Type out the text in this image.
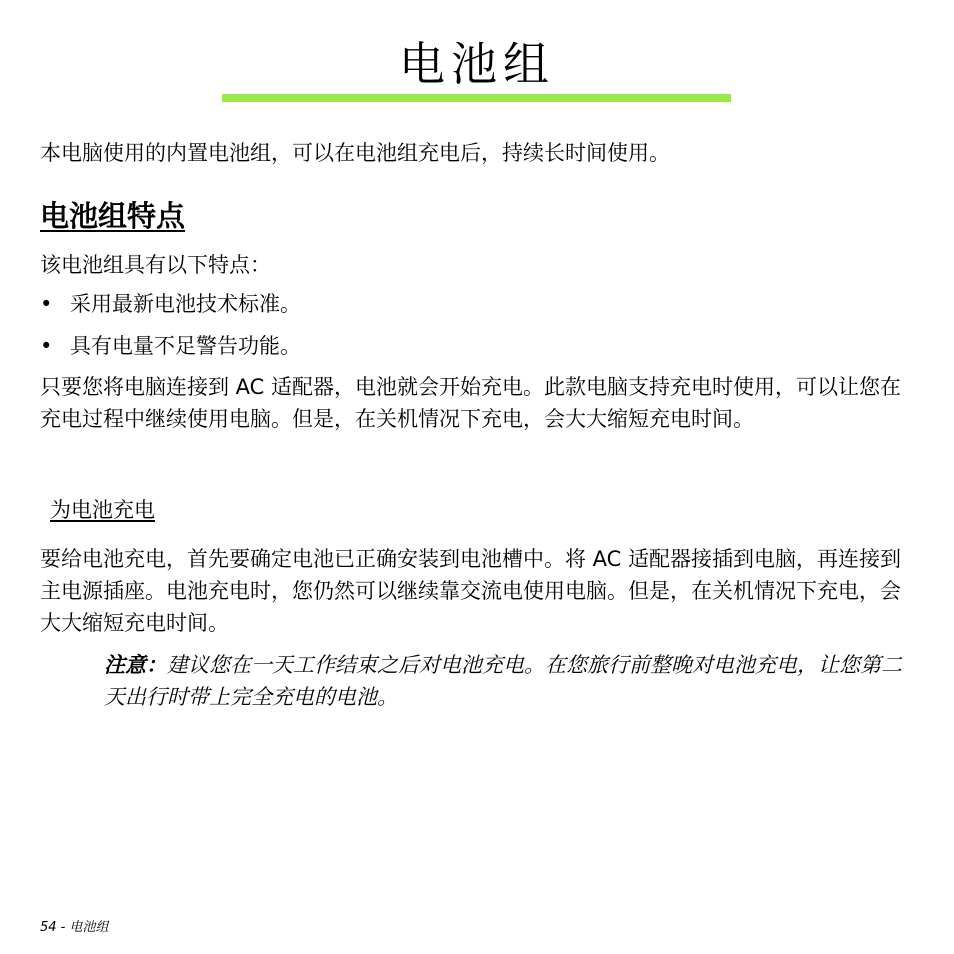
电池组

本电脑使用的内置电池组，可以在电池组充电后，持续长时间使用。

电池组特点

该电池组具有以下特点：

• 采用最新电池技术标准。
• 具有电量不足警告功能。

只要您将电脑连接到 AC 适配器，电池就会开始充电。此款电脑支持充电时使用，可以让您在充电过程中继续使用电脑。但是，在关机情况下充电，会大大缩短充电时间。

为电池充电

要给电池充电，首先要确定电池已正确安装到电池槽中。将 AC 适配器接插到电脑，再连接到主电源插座。电池充电时，您仍然可以继续靠交流电使用电脑。但是，在关机情况下充电，会大大缩短充电时间。

注意：建议您在一天工作结束之后对电池充电。在您旅行前整晚对电池充电，让您第二天出行时带上完全充电的电池。

54 - 电池组
